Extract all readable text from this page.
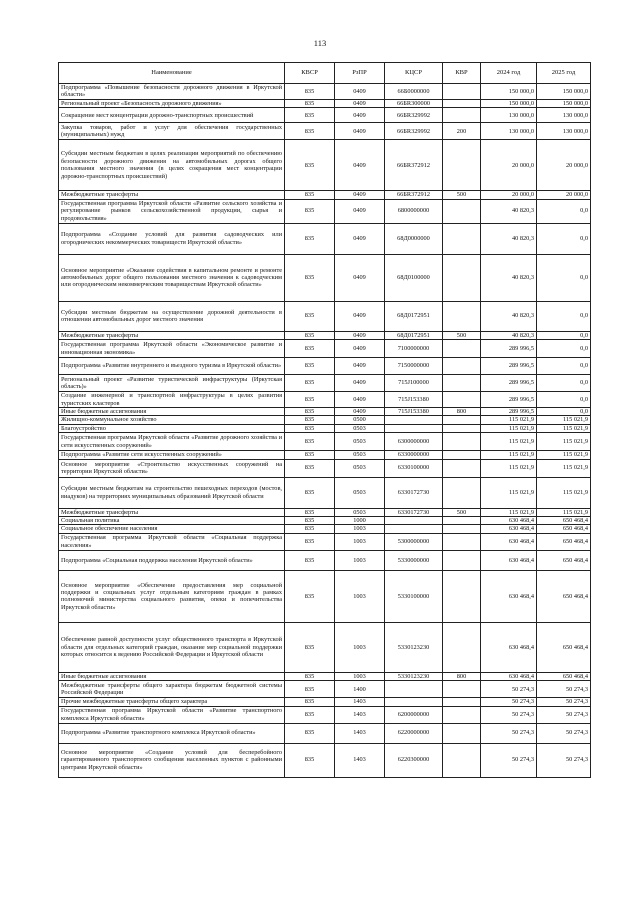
113
Наименование	КВСР	РзПР	КЦСР	КВР	2024 год	2025 год
Подпрограмма «Повышение безопасности дорожного движения в Иркутской области»	835	0409	66Б0000000		150 000,0	150 000,0
Региональный проект «Безопасность дорожного движения»	835	0409	66БR300000		150 000,0	150 000,0
Сокращение мест концентрации дорожно-транспортных происшествий	835	0409	66БR329992		130 000,0	130 000,0
Закупка товаров, работ и услуг для обеспечения государственных (муниципальных) нужд	835	0409	66БR329992	200	130 000,0	130 000,0
Субсидии местным бюджетам в целях реализации мероприятий по обеспечению безопасности дорожного движения на автомобильных дорогах общего пользования местного значения (в целях сокращения мест концентрации дорожно-транспортных происшествий)	835	0409	66БR372912		20 000,0	20 000,0
Межбюджетные трансферты	835	0409	66БR372912	500	20 000,0	20 000,0
Государственная программа Иркутской области «Развитие сельского хозяйства и регулирование рынков сельскохозяйственной продукции, сырья и продовольствия»	835	0409	6800000000		40 820,3	0,0
Подпрограмма «Создание условий для развития садоводческих или огороднических некоммерческих товариществ Иркутской области»	835	0409	68Д0000000		40 820,3	0,0
Основное мероприятие «Оказание содействия в капитальном ремонте и ремонте автомобильных дорог общего пользования местного значения к садоводческим или огородническим некоммерческим товариществам Иркутской области»	835	0409	68Д0100000		40 820,3	0,0
Субсидии местным бюджетам на осуществление дорожной деятельности в отношении автомобильных дорог местного значения	835	0409	68Д0172951		40 820,3	0,0
Межбюджетные трансферты	835	0409	68Д0172951	500	40 820,3	0,0
Государственная программа Иркутской области «Экономическое развитие и инновационная экономика»	835	0409	7100000000		289 996,5	0,0
Подпрограмма «Развитие внутреннего и въездного туризма в Иркутской области»	835	0409	7150000000		289 996,5	0,0
Региональный проект «Развитие туристической инфраструктуры (Иркутская область)»	835	0409	715J100000		289 996,5	0,0
Создание инженерной и транспортной инфраструктуры в целях развития туристских кластеров	835	0409	715J153380		289 996,5	0,0
Иные бюджетные ассигнования	835	0409	715J153380	800	289 996,5	0,0
Жилищно-коммунальное хозяйство	835	0500			115 021,9	115 021,9
Благоустройство	835	0503			115 021,9	115 021,9
Государственная программа Иркутской области «Развитие дорожного хозяйства и сети искусственных сооружений»	835	0503	6300000000		115 021,9	115 021,9
Подпрограмма «Развитие сети искусственных сооружений»	835	0503	6330000000		115 021,9	115 021,9
Основное мероприятие «Строительство искусственных сооружений на территории Иркутской области»	835	0503	6330100000		115 021,9	115 021,9
Субсидии местным бюджетам на строительство пешеходных переходов (мостов, виадуков) на территориях муниципальных образований Иркутской области	835	0503	6330172730		115 021,9	115 021,9
Межбюджетные трансферты	835	0503	6330172730	500	115 021,9	115 021,9
Социальная политика	835	1000			630 468,4	650 468,4
Социальное обеспечение населения	835	1003			630 468,4	650 468,4
Государственная программа Иркутской области «Социальная поддержка населения»	835	1003	5300000000		630 468,4	650 468,4
Подпрограмма «Социальная поддержка населения Иркутской области»	835	1003	5330000000		630 468,4	650 468,4
Основное мероприятие «Обеспечение предоставления мер социальной поддержки и социальных услуг отдельным категориям граждан в рамках полномочий министерства социального развития, опеки и попечительства Иркутской области»	835	1003	5330100000		630 468,4	650 468,4
Обеспечение равной доступности услуг общественного транспорта в Иркутской области для отдельных категорий граждан, оказание мер социальной поддержки которых относится к ведению Российской Федерации и Иркутской области	835	1003	5330123230		630 468,4	650 468,4
Иные бюджетные ассигнования	835	1003	5330123230	800	630 468,4	650 468,4
Межбюджетные трансферты общего характера бюджетам бюджетной системы Российской Федерации	835	1400			50 274,3	50 274,3
Прочие межбюджетные трансферты общего характера	835	1403			50 274,3	50 274,3
Государственная программа Иркутской области «Развитие транспортного комплекса Иркутской области»	835	1403	6200000000		50 274,3	50 274,3
Подпрограмма «Развитие транспортного комплекса Иркутской области»	835	1403	6220000000		50 274,3	50 274,3
Основное мероприятие «Создание условий для бесперебойного гарантированного транспортного сообщения населенных пунктов с районными центрами Иркутской области»	835	1403	6220300000		50 274,3	50 274,3
